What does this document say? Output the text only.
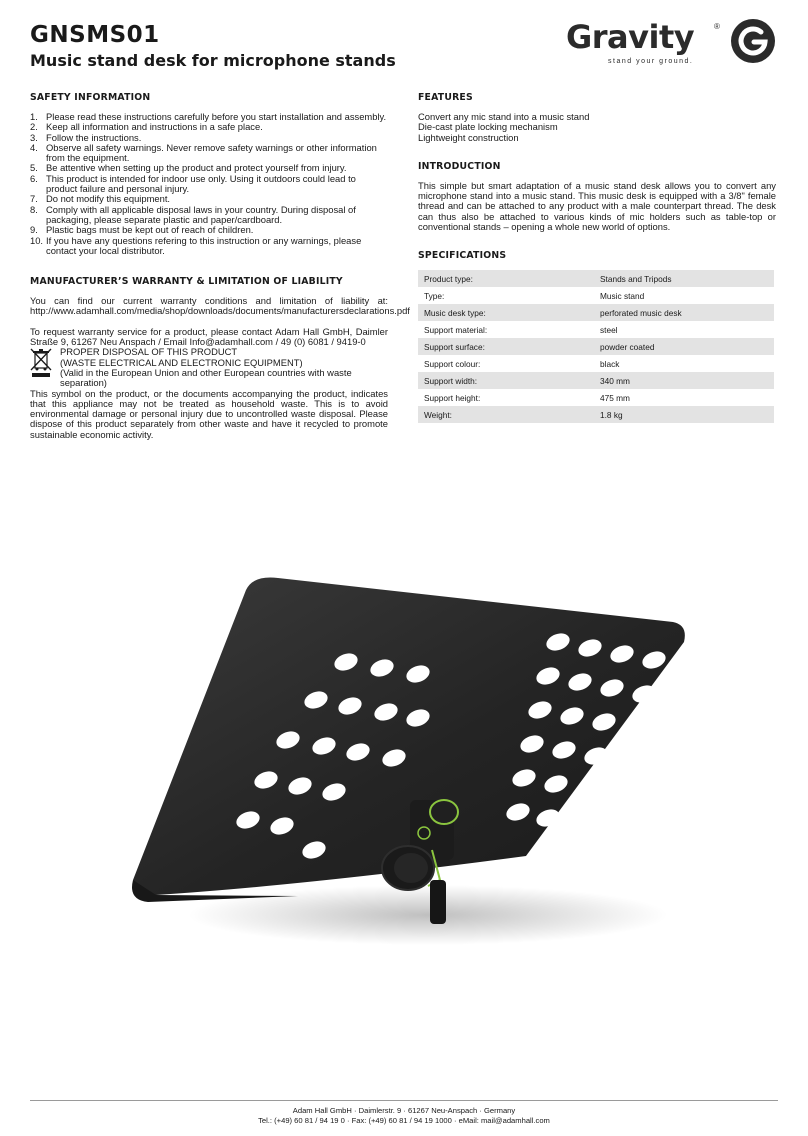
GNSMS01
Music stand desk for microphone stands
Gravity ®
stand your ground.
SAFETY INFORMATION
1. Please read these instructions carefully before you start installation and assembly.
2. Keep all information and instructions in a safe place.
3. Follow the instructions.
4. Observe all safety warnings. Never remove safety warnings or other information from the equipment.
5. Be attentive when setting up the product and protect yourself from injury.
6. This product is intended for indoor use only. Using it outdoors could lead to product failure and personal injury.
7. Do not modify this equipment.
8. Comply with all applicable disposal laws in your country. During disposal of packaging, please separate plastic and paper/cardboard.
9. Plastic bags must be kept out of reach of children.
10. If you have any questions refering to this instruction or any warnings, please contact your local distributor.
MANUFACTURER’S WARRANTY & LIMITATION OF LIABILITY

You can find our current warranty conditions and limitation of liability at: http://www.adamhall.com/media/shop/downloads/documents/manufacturersdeclarations.pdf

To request warranty service for a product, please contact Adam Hall GmbH, Daimler Straße 9, 61267 Neu Anspach / Email Info@adamhall.com / 49 (0) 6081 / 9419-0

PROPER DISPOSAL OF THIS PRODUCT
(WASTE ELECTRICAL AND ELECTRONIC EQUIPMENT)
(Valid in the European Union and other European countries with waste separation)

This symbol on the product, or the documents accompanying the product, indicates that this appliance may not be treated as household waste. This is to avoid environmental damage or personal injury due to uncontrolled waste disposal. Please dispose of this product separately from other waste and have it recycled to promote sustainable economic activity.

FEATURES
Convert any mic stand into a music stand
Die-cast plate locking mechanism
Lightweight construction
INTRODUCTION

This simple but smart adaptation of a music stand desk allows you to convert any microphone stand into a music stand. This music desk is equipped with a 3/8" female thread and can be attached to any product with a male counterpart thread. The desk can thus also be attached to various kinds of mic holders such as table-top or conventional stands – opening a whole new world of options.

SPECIFICATIONS
Product type:	Stands and Tripods
Type:	Music stand
Music desk type:	perforated music desk
Support material:	steel
Support surface:	powder coated
Support colour:	black
Support width:	340 mm
Support height:	475 mm
Weight:	1.8 kg
Adam Hall GmbH · Daimlerstr. 9 · 61267 Neu-Anspach · Germany
Tel.: (+49) 60 81 / 94 19 0 · Fax: (+49) 60 81 / 94 19 1000 · eMail: mail@adamhall.com
